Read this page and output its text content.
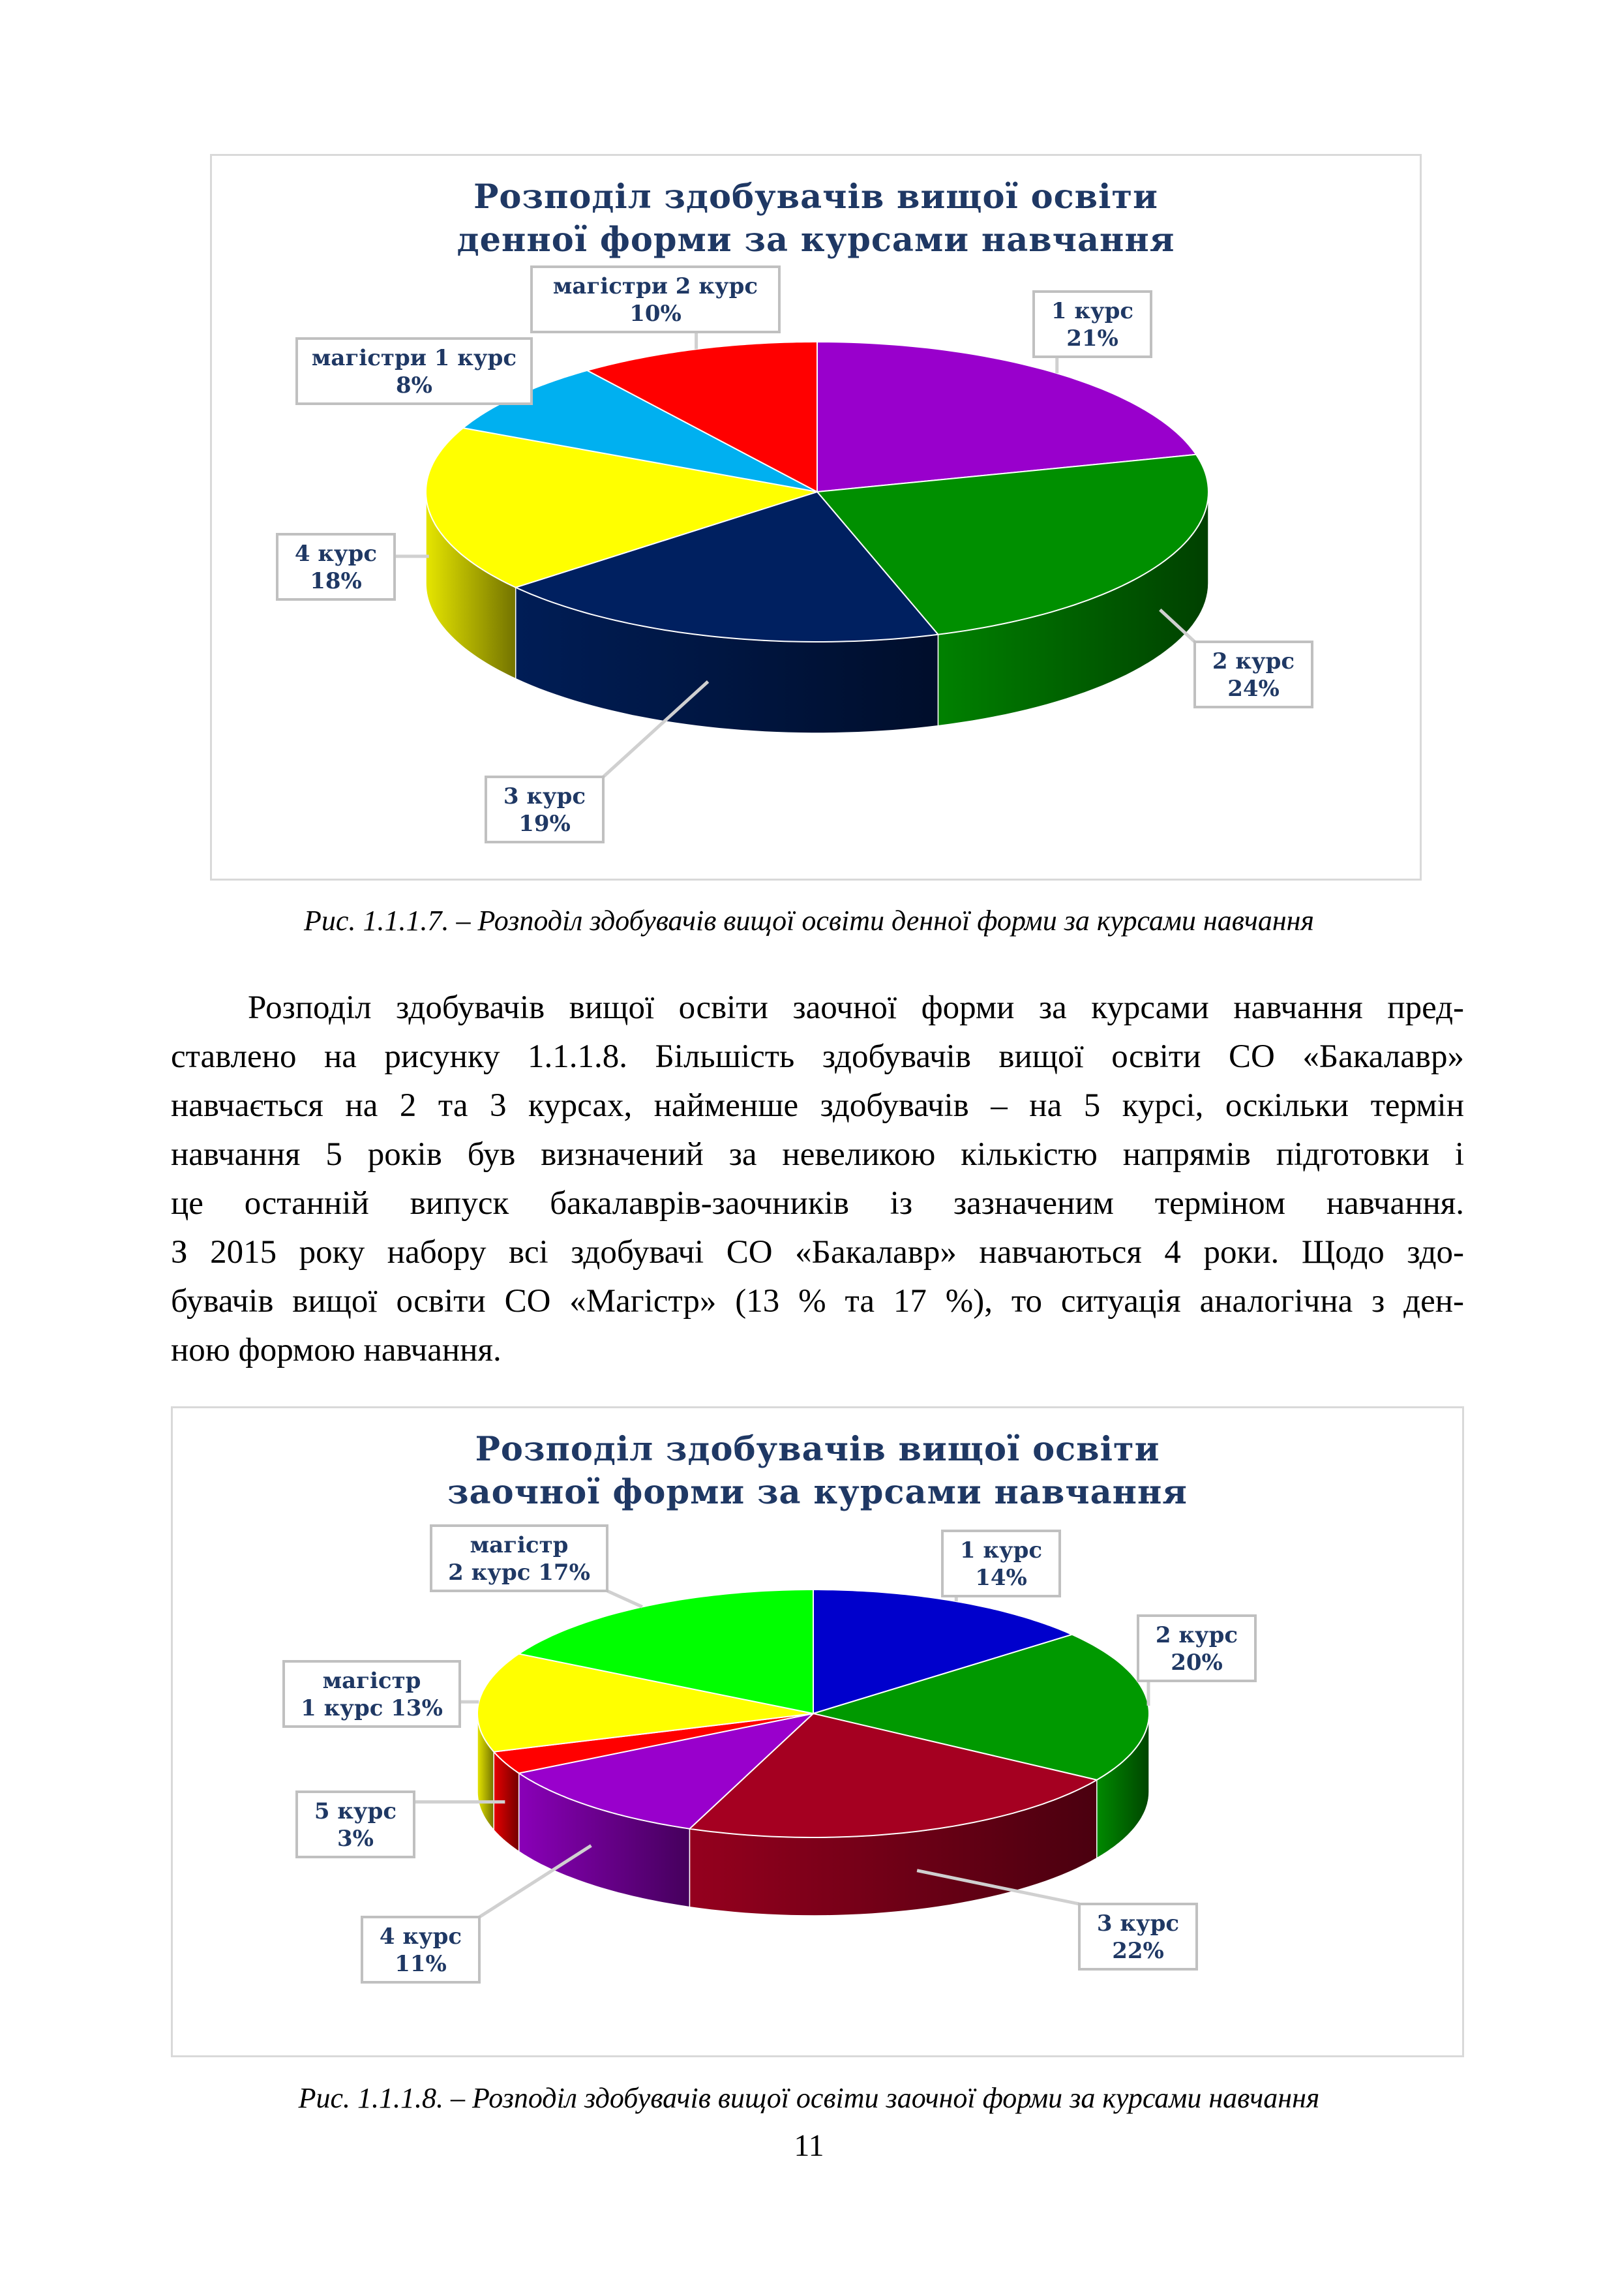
Розподіл здобувачів вищої освіти
денної форми за курсами навчання
1 курс
21%
2 курс
24%
3 курс
19%
4 курс
18%
магістри 1 курс
8%
магістри 2 курс
10%
Рис. 1.1.1.7. – Розподіл здобувачів вищої освіти денної форми за курсами навчання
Розподіл здобувачів вищої освіти заочної форми за курсами навчання пред-
ставлено на рисунку 1.1.1.8. Більшість здобувачів вищої освіти СО «Бакалавр»
навчається на 2 та 3 курсах, найменше здобувачів – на 5 курсі, оскільки термін
навчання 5 років був визначений за невеликою кількістю напрямів підготовки і
це останній випуск бакалаврів-заочників із зазначеним терміном навчання.
З 2015 року набору всі здобувачі СО «Бакалавр» навчаються 4 роки. Щодо здо-
бувачів вищої освіти СО «Магістр» (13 % та 17 %), то ситуація аналогічна з ден-
ною формою навчання.
Розподіл здобувачів вищої освіти
заочної форми за курсами навчання
1 курс
14%
2 курс
20%
3 курс
22%
4 курс
11%
5 курс
3%
магістр
1 курс 13%
магістр
2 курс 17%
Рис. 1.1.1.8. – Розподіл здобувачів вищої освіти заочної форми за курсами навчання
11
